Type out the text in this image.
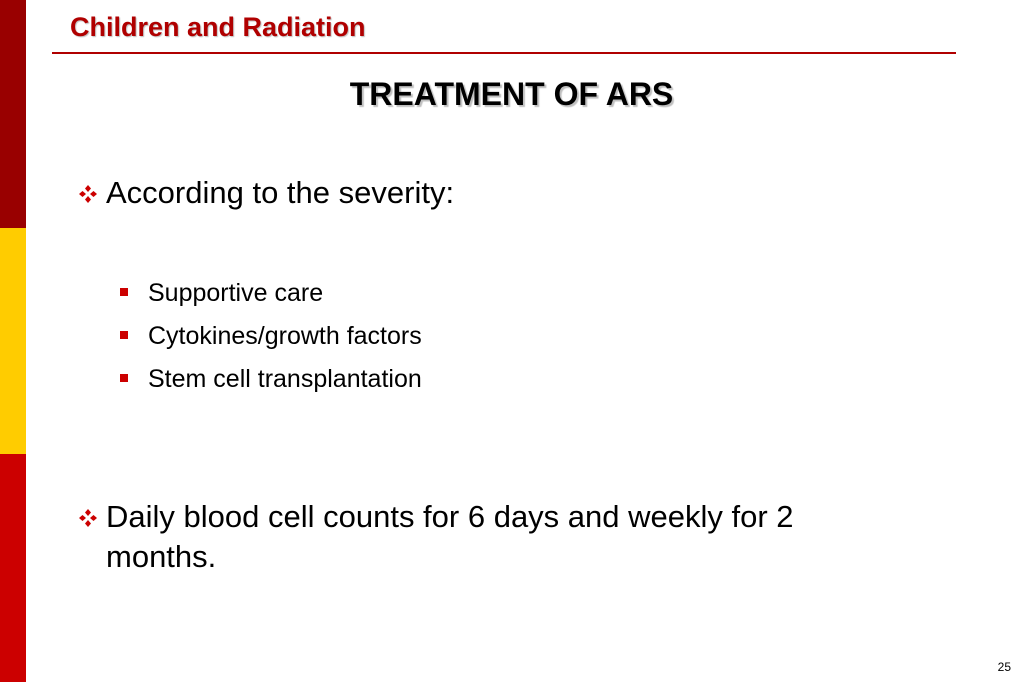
Children and Radiation
TREATMENT OF ARS
According to the severity:
Supportive care
Cytokines/growth factors
Stem cell transplantation
Daily blood cell counts for 6 days and weekly for 2 months.
25
